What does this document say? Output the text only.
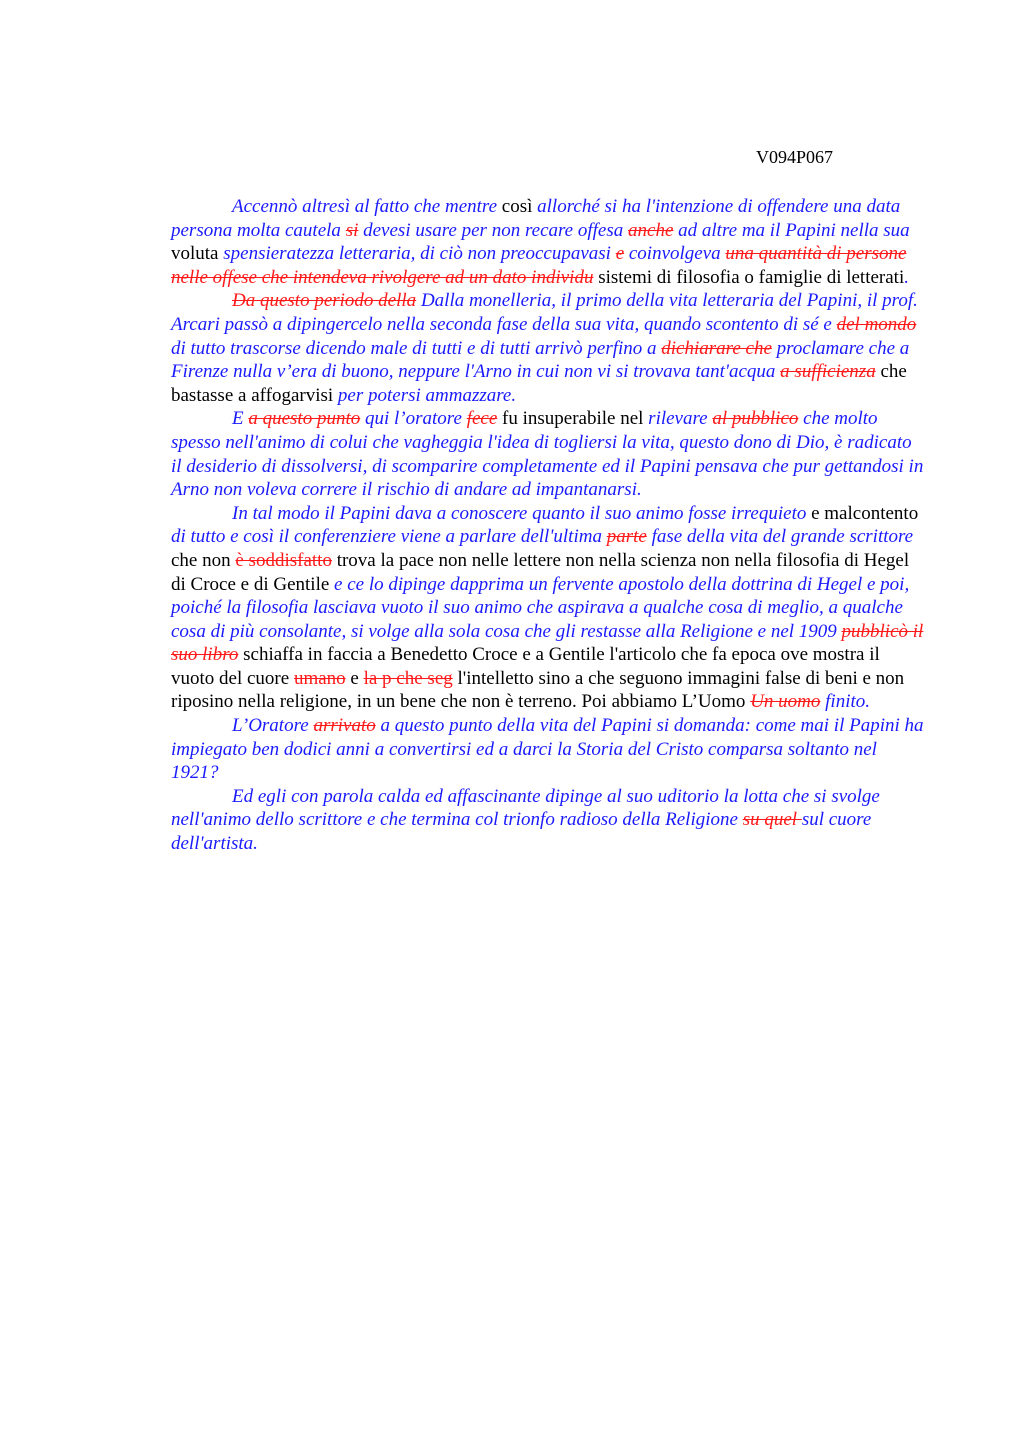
V094P067

Accennò altresì al fatto che mentre così allorché si ha l'intenzione di offendere una data persona molta cautela si devesi usare per non recare offesa anche ad altre ma il Papini nella sua voluta spensieratezza letteraria, di ciò non preoccupavasi e coinvolgeva una quantità di persone nelle offese che intendeva rivolgere ad un dato individu sistemi di filosofia o famiglie di letterati.

Da questo periodo della Dalla monelleria, il primo della vita letteraria del Papini, il prof. Arcari passò a dipingercelo nella seconda fase della sua vita, quando scontento di sé e del mondo di tutto trascorse dicendo male di tutti e di tutti arrivò perfino a dichiarare che proclamare che a Firenze nulla v’era di buono, neppure l'Arno in cui non vi si trovava tant'acqua a sufficienza che bastasse a affogarvisi per potersi ammazzare.

E a questo punto qui l’oratore fece fu insuperabile nel rilevare al pubblico che molto spesso nell'animo di colui che vagheggia l'idea di togliersi la vita, questo dono di Dio, è radicato il desiderio di dissolversi, di scomparire completamente ed il Papini pensava che pur gettandosi in Arno non voleva correre il rischio di andare ad impantanarsi.

In tal modo il Papini dava a conoscere quanto il suo animo fosse irrequieto e malcontento di tutto e così il conferenziere viene a parlare dell'ultima parte fase della vita del grande scrittore che non è soddisfatto trova la pace non nelle lettere non nella scienza non nella filosofia di Hegel di Croce e di Gentile e ce lo dipinge dapprima un fervente apostolo della dottrina di Hegel e poi, poiché la filosofia lasciava vuoto il suo animo che aspirava a qualche cosa di meglio, a qualche cosa di più consolante, si volge alla sola cosa che gli restasse alla Religione e nel 1909 pubblicò il suo libro schiaffa in faccia a Benedetto Croce e a Gentile l'articolo che fa epoca ove mostra il vuoto del cuore umano e la p che seg l'intelletto sino a che seguono immagini false di beni e non riposino nella religione, in un bene che non è terreno. Poi abbiamo L’Uomo Un uomo finito.

L’Oratore arrivato a questo punto della vita del Papini si domanda: come mai il Papini ha impiegato ben dodici anni a convertirsi ed a darci la Storia del Cristo comparsa soltanto nel 1921?

Ed egli con parola calda ed affascinante dipinge al suo uditorio la lotta che si svolge nell'animo dello scrittore e che termina col trionfo radioso della Religione su quel sul cuore dell'artista.
